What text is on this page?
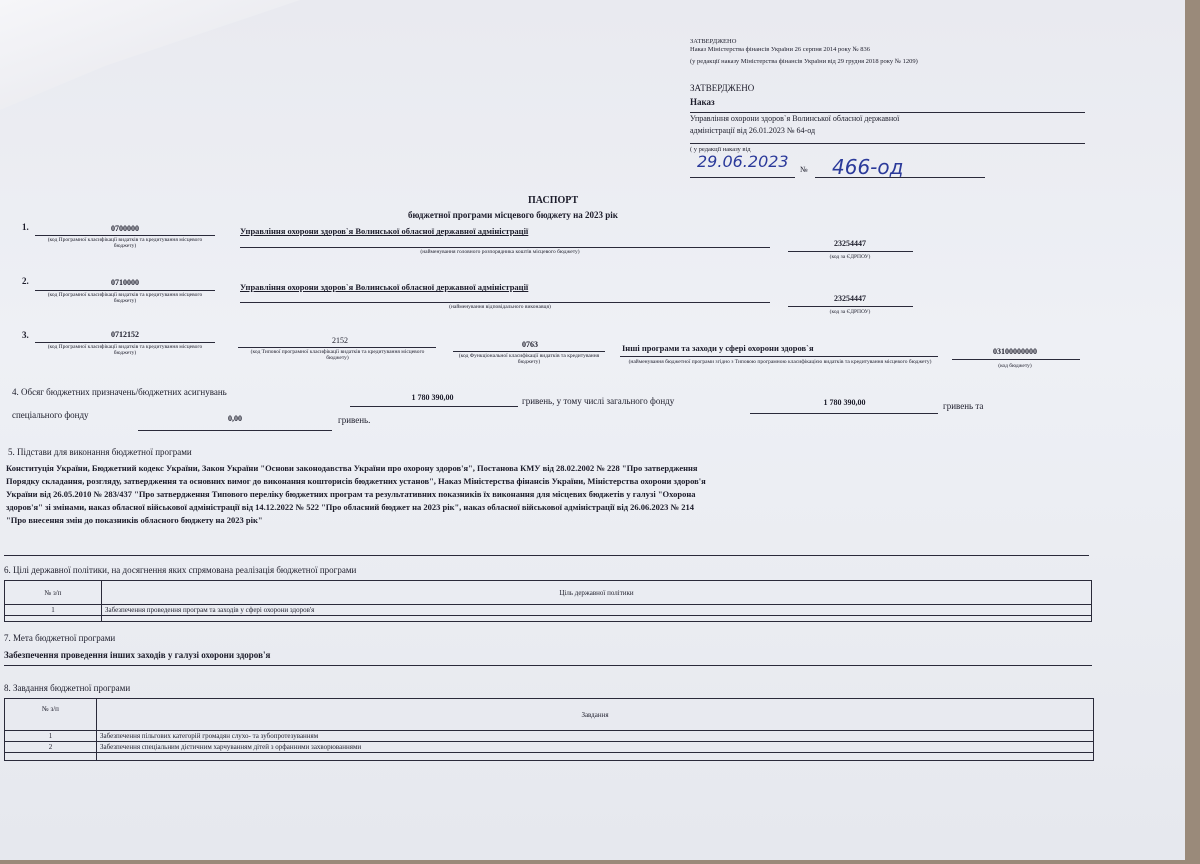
ЗАТВЕРДЖЕНО
Наказ Міністерства фінансів України 26 серпня 2014 року № 836
(у редакції наказу Міністерства фінансів України від 29 грудня 2018 року № 1209)
ЗАТВЕРДЖЕНО
Наказ
Управління охорони здоров`я Волинської обласної державної
адміністрації від 26.01.2023 № 64-од
( у редакції наказу від
29.06.2023 № 466-од
ПАСПОРТ
бюджетної програми місцевого бюджету на 2023 рік
1.	0700000
(код Програмної класифікації видатків та кредитування місцевого бюджету)
Управління охорони здоров`я Волинської обласної державної адміністрації
(найменування головного розпорядника коштів місцевого бюджету)
23254447
(код за ЄДРПОУ)
2.	0710000
(код Програмної класифікації видатків та кредитування місцевого бюджету)
Управління охорони здоров`я Волинської обласної державної адміністрації
(найменування відповідального виконавця)
23254447
(код за ЄДРПОУ)
3.	0712152
(код Програмної класифікації видатків та кредитування місцевого бюджету)
2152
(код Типової програмної класифікації видатків та кредитування місцевого бюджету)
0763
(код Функціональної класифікації видатків та кредитування бюджету)
Інші програми та заходи у сфері охорони здоров`я
(найменування бюджетної програми згідно з Типовою програмною класифікацією видатків та кредитування місцевого бюджету)
03100000000
(код бюджету)
4. Обсяг бюджетних призначень/бюджетних асигнувань
1 780 390,00	гривень, у тому числі загального фонду	1 780 390,00	гривень та
спеціального фонду	0,00	гривень.
5. Підстави для виконання бюджетної програми
Конституція України, Бюджетний кодекс України, Закон України "Основи законодавства України про охорону здоров'я", Постанова КМУ від 28.02.2002 № 228 "Про затвердження
Порядку складання, розгляду, затвердження та основних вимог до виконання кошторисів бюджетних установ", Наказ Міністерства фінансів України, Міністерства охорони здоров'я
України від 26.05.2010 № 283/437 "Про затвердження Типового переліку бюджетних програм та результативних показників їх виконання для місцевих бюджетів у галузі "Охорона
здоров'я" зі змінами, наказ обласної військової адміністрації від 14.12.2022 № 522 "Про обласний бюджет на 2023 рік", наказ обласної військової адміністрації від 26.06.2023 № 214
"Про внесення змін до показників обласного бюджету на 2023 рік"
6. Цілі державної політики, на досягнення яких спрямована реалізація бюджетної програми
№ з/п	Ціль державної політики
1	Забезпечення проведення програм та заходів у сфері охорони здоров'я

7. Мета бюджетної програми
Забезпечення проведення інших заходів у галузі охорони здоров'я
8. Завдання бюджетної програми
№ з/п	Завдання
1	Забезпечення пільгових категорій громадян слухо- та зубопротезуванням
2	Забезпечення спеціальним дієтичним харчуванням дітей з орфанними захворюваннями
